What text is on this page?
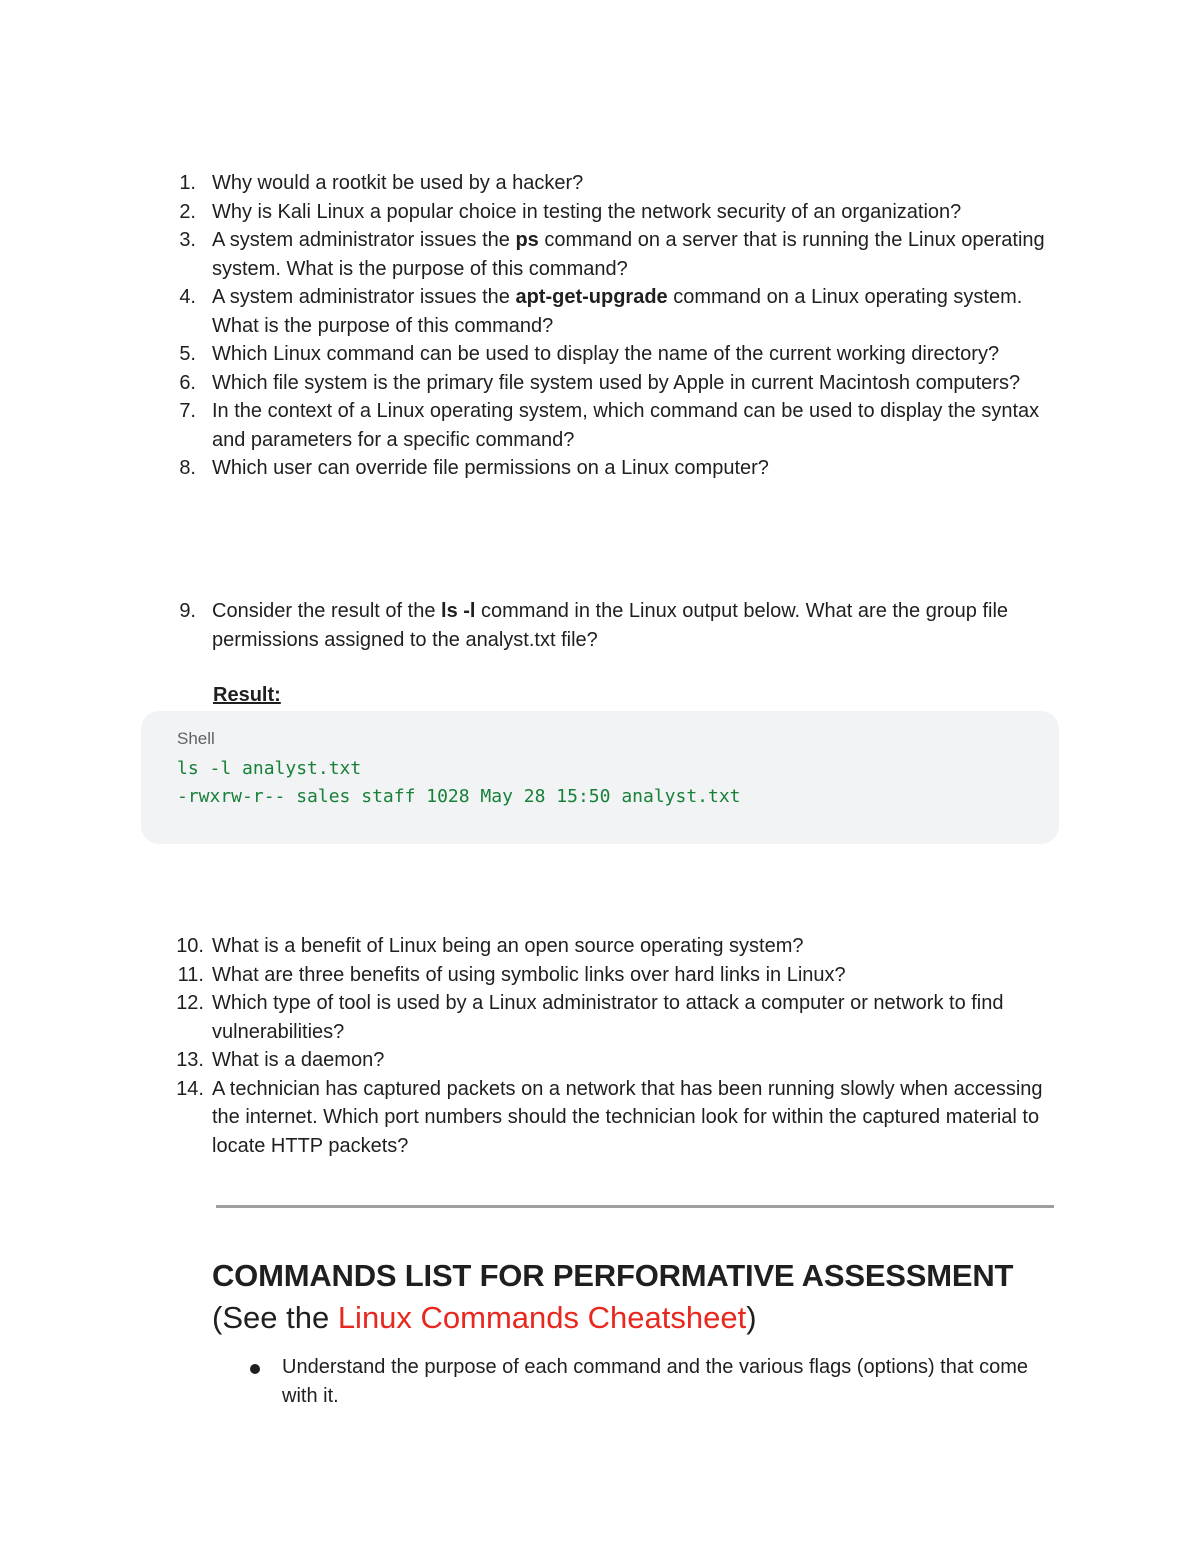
1. Why would a rootkit be used by a hacker?

2. Why is Kali Linux a popular choice in testing the network security of an organization?

3. A system administrator issues the ps command on a server that is running the Linux operating system. What is the purpose of this command?

4. A system administrator issues the apt-get-upgrade command on a Linux operating system. What is the purpose of this command?

5. Which Linux command can be used to display the name of the current working directory?

6. Which file system is the primary file system used by Apple in current Macintosh computers?

7. In the context of a Linux operating system, which command can be used to display the syntax and parameters for a specific command?

8. Which user can override file permissions on a Linux computer?

9. Consider the result of the ls -l command in the Linux output below. What are the group file permissions assigned to the analyst.txt file?

Result:
Shell
ls -l analyst.txt
-rwxrw-r-- sales staff 1028 May 28 15:50 analyst.txt

10. What is a benefit of Linux being an open source operating system?

11. What are three benefits of using symbolic links over hard links in Linux?

12. Which type of tool is used by a Linux administrator to attack a computer or network to find vulnerabilities?

13. What is a daemon?

14. A technician has captured packets on a network that has been running slowly when accessing the internet. Which port numbers should the technician look for within the captured material to locate HTTP packets?

COMMANDS LIST FOR PERFORMATIVE ASSESSMENT
(See the Linux Commands Cheatsheet)
Understand the purpose of each command and the various flags (options) that come with it.
